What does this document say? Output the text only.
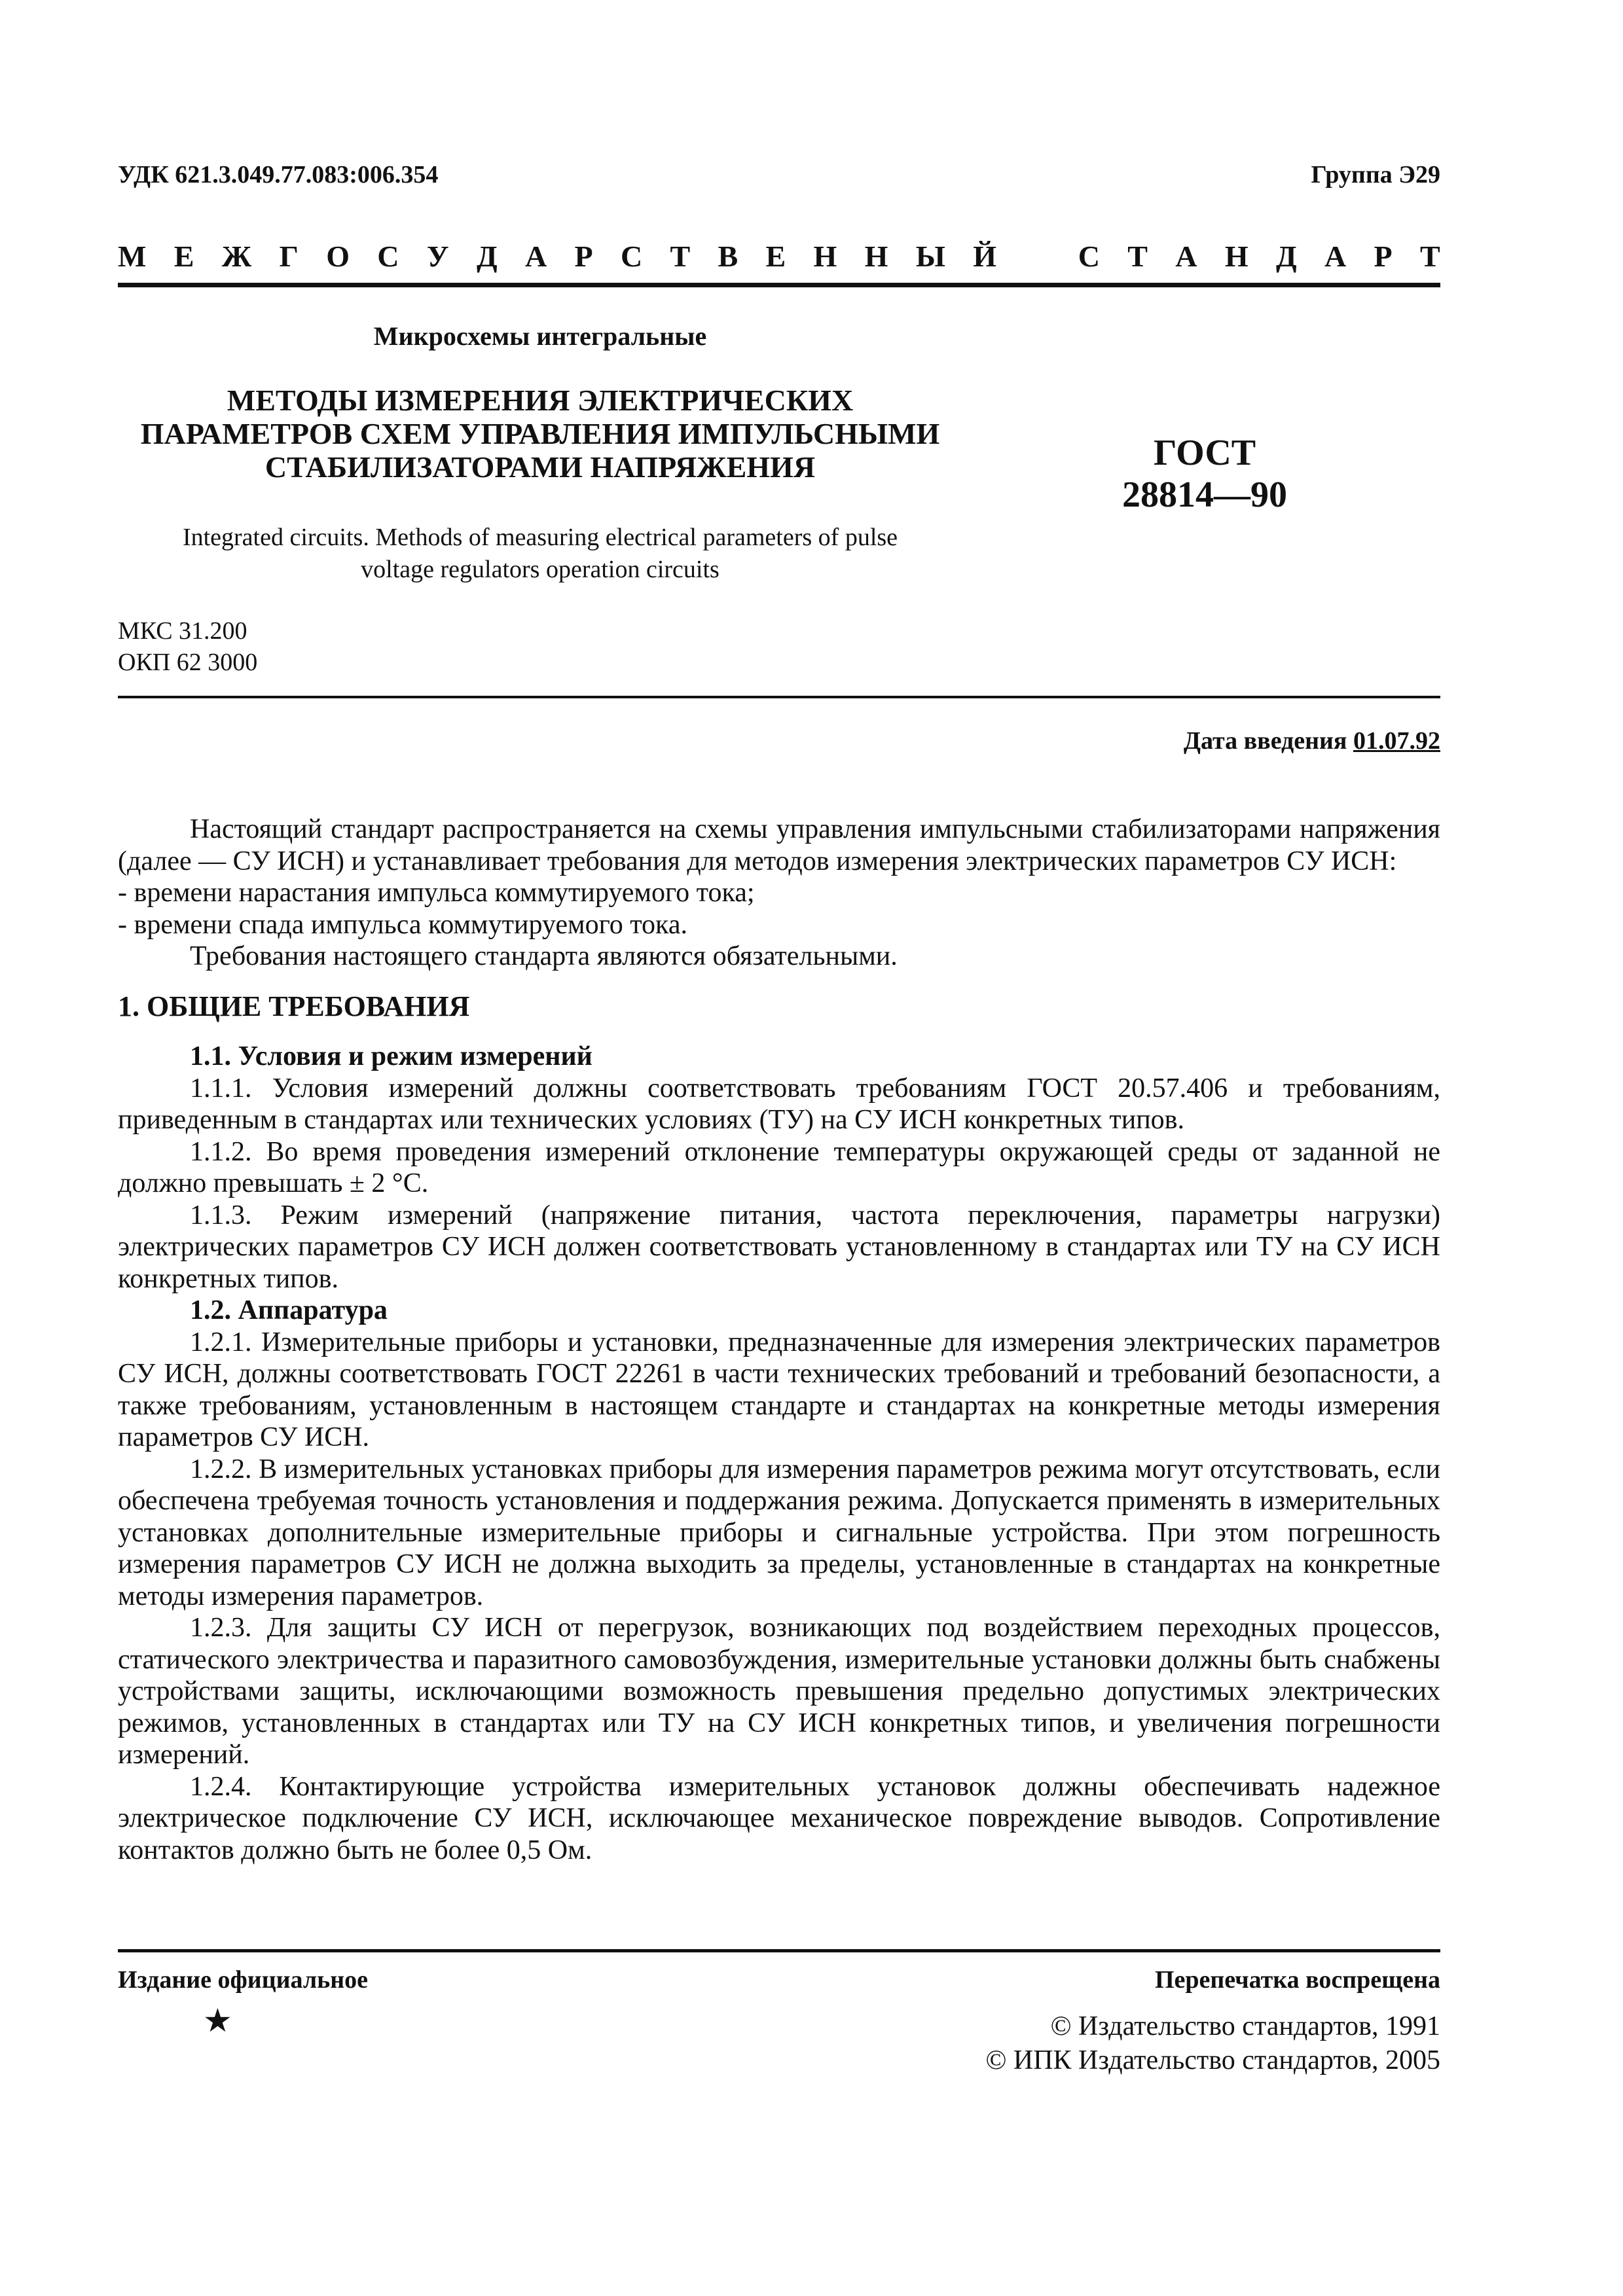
УДК 621.3.049.77.083:006.354	Группа Э29
М Е Ж Г О С У Д А Р С Т В Е Н Н Ы Й	С Т А Н Д А Р Т
Микросхемы интегральные
МЕТОДЫ ИЗМЕРЕНИЯ ЭЛЕКТРИЧЕСКИХ
ПАРАМЕТРОВ СХЕМ УПРАВЛЕНИЯ ИМПУЛЬСНЫМИ
СТАБИЛИЗАТОРАМИ НАПРЯЖЕНИЯ
Integrated circuits. Methods of measuring electrical parameters of pulse
voltage regulators operation circuits
ГОСТ
28814—90
МКС 31.200
ОКП 62 3000
Дата введения 01.07.92

Настоящий стандарт распространяется на схемы управления импульсными стабилизаторами напряжения (далее — СУ ИСН) и устанавливает требования для методов измерения электрических параметров СУ ИСН:

- времени нарастания импульса коммутируемого тока;

- времени спада импульса коммутируемого тока.

Требования настоящего стандарта являются обязательными.

1. ОБЩИЕ ТРЕБОВАНИЯ

1.1. Условия и режим измерений

1.1.1. Условия измерений должны соответствовать требованиям ГОСТ 20.57.406 и требованиям, приведенным в стандартах или технических условиях (ТУ) на СУ ИСН конкретных типов.

1.1.2. Во время проведения измерений отклонение температуры окружающей среды от заданной не должно превышать ± 2 °С.

1.1.3. Режим измерений (напряжение питания, частота переключения, параметры нагрузки) электрических параметров СУ ИСН должен соответствовать установленному в стандартах или ТУ на СУ ИСН конкретных типов.

1.2. Аппаратура

1.2.1. Измерительные приборы и установки, предназначенные для измерения электрических параметров СУ ИСН, должны соответствовать ГОСТ 22261 в части технических требований и требований безопасности, а также требованиям, установленным в настоящем стандарте и стандартах на конкретные методы измерения параметров СУ ИСН.

1.2.2. В измерительных установках приборы для измерения параметров режима могут отсутствовать, если обеспечена требуемая точность установления и поддержания режима. Допускается применять в измерительных установках дополнительные измерительные приборы и сигнальные устройства. При этом погрешность измерения параметров СУ ИСН не должна выходить за пределы, установленные в стандартах на конкретные методы измерения параметров.

1.2.3. Для защиты СУ ИСН от перегрузок, возникающих под воздействием переходных процессов, статического электричества и паразитного самовозбуждения, измерительные установки должны быть снабжены устройствами защиты, исключающими возможность превышения предельно допустимых электрических режимов, установленных в стандартах или ТУ на СУ ИСН конкретных типов, и увеличения погрешности измерений.

1.2.4. Контактирующие устройства измерительных установок должны обеспечивать надежное электрическое подключение СУ ИСН, исключающее механическое повреждение выводов. Сопротивление контактов должно быть не более 0,5 Ом.

Издание официальное	Перепечатка воспрещена
★	© Издательство стандартов, 1991
© ИПК Издательство стандартов, 2005
